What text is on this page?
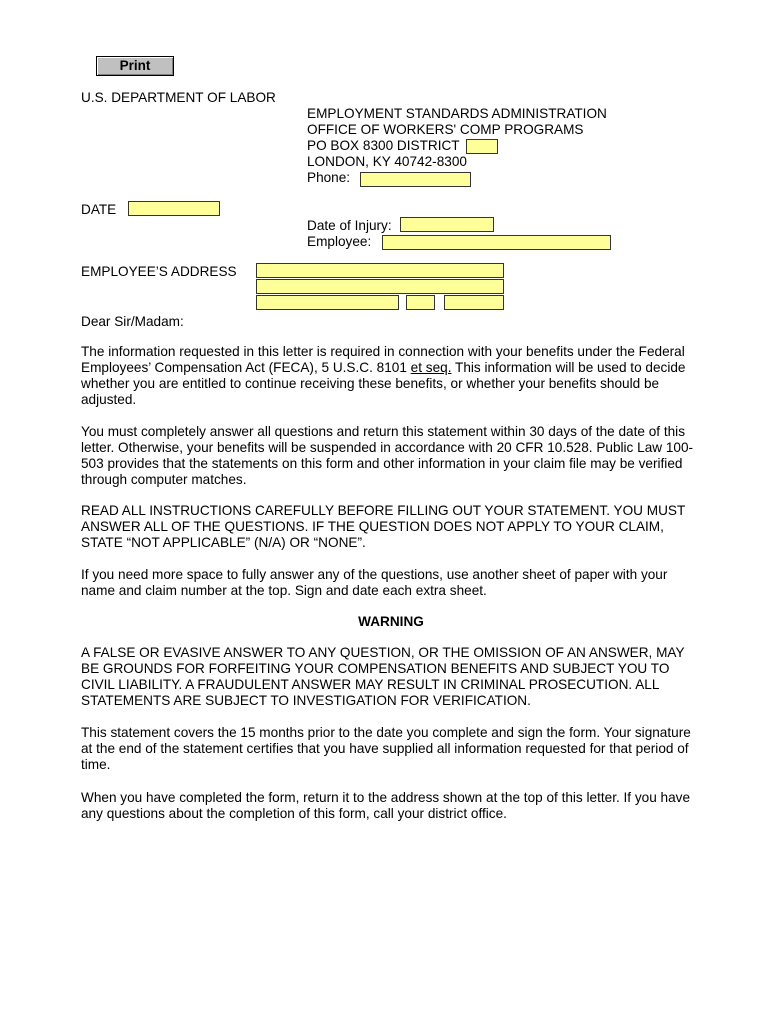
Print
U.S. DEPARTMENT OF LABOR
EMPLOYMENT STANDARDS ADMINISTRATION
OFFICE OF WORKERS' COMP PROGRAMS
PO BOX 8300 DISTRICT
LONDON, KY 40742-8300
Phone:
DATE
Date of Injury:
Employee:
EMPLOYEE’S ADDRESS
Dear Sir/Madam:

The information requested in this letter is required in connection with your benefits under the Federal Employees’ Compensation Act (FECA), 5 U.S.C. 8101 et seq. This information will be used to decide whether you are entitled to continue receiving these benefits, or whether your benefits should be adjusted.

You must completely answer all questions and return this statement within 30 days of the date of this letter. Otherwise, your benefits will be suspended in accordance with 20 CFR 10.528. Public Law 100-503 provides that the statements on this form and other information in your claim file may be verified through computer matches.

READ ALL INSTRUCTIONS CAREFULLY BEFORE FILLING OUT YOUR STATEMENT. YOU MUST ANSWER ALL OF THE QUESTIONS. IF THE QUESTION DOES NOT APPLY TO YOUR CLAIM, STATE “NOT APPLICABLE” (N/A) OR “NONE”.

If you need more space to fully answer any of the questions, use another sheet of paper with your name and claim number at the top. Sign and date each extra sheet.

WARNING

A FALSE OR EVASIVE ANSWER TO ANY QUESTION, OR THE OMISSION OF AN ANSWER, MAY BE GROUNDS FOR FORFEITING YOUR COMPENSATION BENEFITS AND SUBJECT YOU TO CIVIL LIABILITY. A FRAUDULENT ANSWER MAY RESULT IN CRIMINAL PROSECUTION. ALL STATEMENTS ARE SUBJECT TO INVESTIGATION FOR VERIFICATION.

This statement covers the 15 months prior to the date you complete and sign the form. Your signature at the end of the statement certifies that you have supplied all information requested for that period of time.

When you have completed the form, return it to the address shown at the top of this letter. If you have any questions about the completion of this form, call your district office.
